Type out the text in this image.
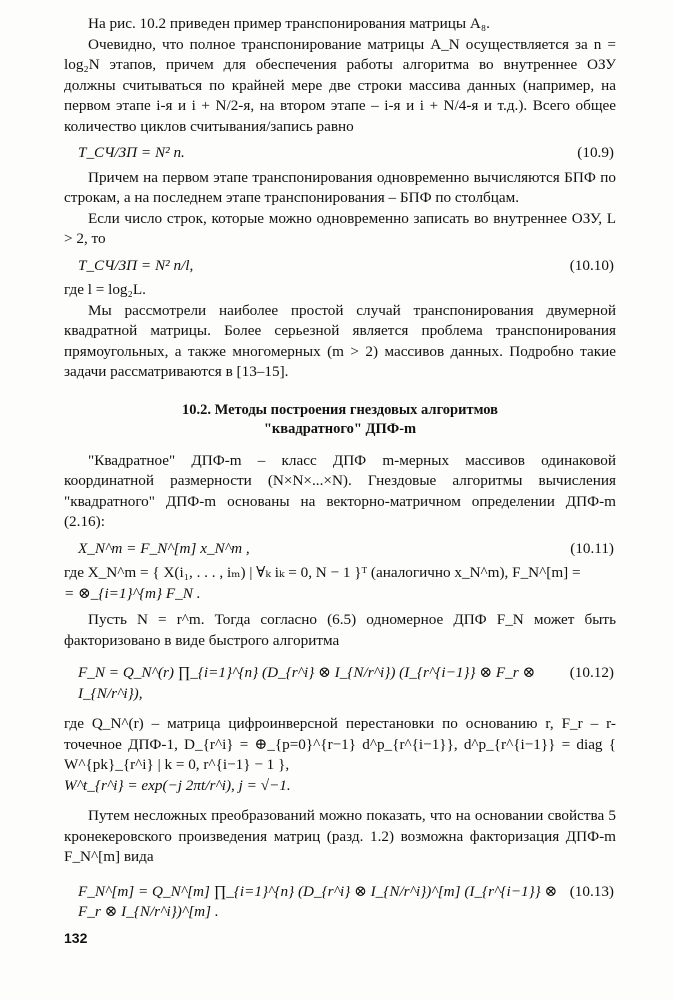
На рис. 10.2 приведен пример транспонирования матрицы A₈.

Очевидно, что полное транспонирование матрицы A_N осуществляется за n = log₂N этапов, причем для обеспечения работы алгоритма во внутреннее ОЗУ должны считываться по крайней мере две строки массива данных (например, на первом этапе i-я и i + N/2-я, на втором этапе – i-я и i + N/4-я и т.д.). Всего общее количество циклов считывания/запись равно

T_СЧ/ЗП = N² n.	(10.9)

Причем на первом этапе транспонирования одновременно вычисляются БПФ по строкам, а на последнем этапе транспонирования – БПФ по столбцам.

Если число строк, которые можно одновременно записать во внутреннее ОЗУ, L > 2, то

T_СЧ/ЗП = N² n/l,	(10.10)

где l = log₂L.

Мы рассмотрели наиболее простой случай транспонирования двумерной квадратной матрицы. Более серьезной является проблема транспонирования прямоугольных, а также многомерных (m > 2) массивов данных. Подробно такие задачи рассматриваются в [13–15].

10.2. Методы построения гнездовых алгоритмов
"квадратного" ДПФ-m

"Квадратное" ДПФ-m – класс ДПФ m-мерных массивов одинаковой координатной размерности (N×N×...×N). Гнездовые алгоритмы вычисления "квадратного" ДПФ-m основаны на векторно-матричном определении ДПФ-m (2.16):

X_N^m = F_N^[m] x_N^m ,	(10.11)

где X_N^m = { X(i₁, . . . , iₘ) | ∀ₖ iₖ = 0, N − 1 }ᵀ (аналогично x_N^m), F_N^[m] =

= ⊗_{i=1}^{m} F_N .

Пусть N = r^m. Тогда согласно (6.5) одномерное ДПФ F_N может быть факторизовано в виде быстрого алгоритма

F_N = Q_N^(r) ∏_{i=1}^{n} (D_{r^i} ⊗ I_{N/r^i}) (I_{r^{i−1}} ⊗ F_r ⊗ I_{N/r^i}),
(10.12)

где Q_N^(r) – матрица цифроинверсной перестановки по основанию r, F_r – r-точечное ДПФ-1, D_{r^i} = ⊕_{p=0}^{r−1} d^p_{r^{i−1}}, d^p_{r^{i−1}} = diag { W^{pk}_{r^i} | k = 0, r^{i−1} − 1 },

W^t_{r^i} = exp(−j 2πt/r^i), j = √−1.

Путем несложных преобразований можно показать, что на основании свойства 5 кронекеровского произведения матриц (разд. 1.2) возможна факторизация ДПФ-m F_N^[m] вида

F_N^[m] = Q_N^[m] ∏_{i=1}^{n} (D_{r^i} ⊗ I_{N/r^i})^[m] (I_{r^{i−1}} ⊗ F_r ⊗ I_{N/r^i})^[m] .
(10.13)
132
